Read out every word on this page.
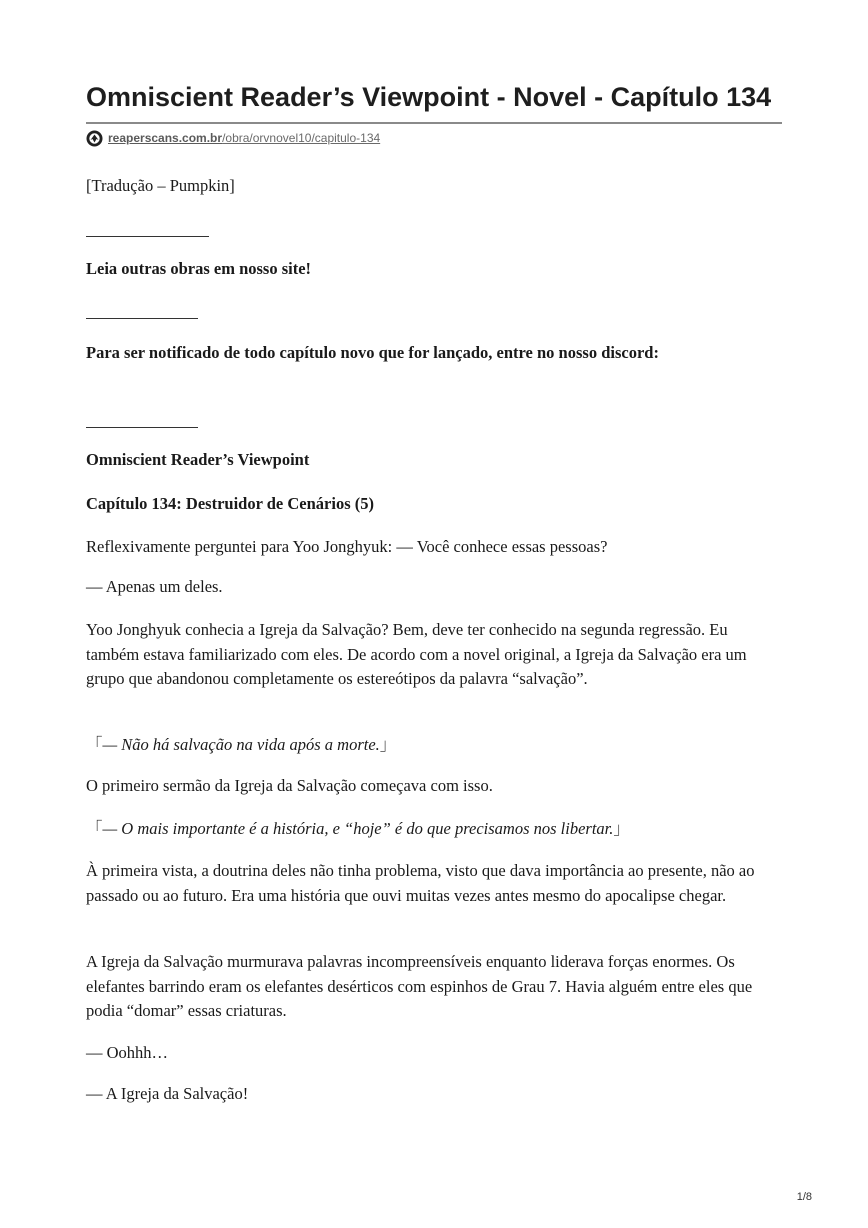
Omniscient Reader’s Viewpoint - Novel - Capítulo 134
reaperscans.com.br/obra/orvnovel10/capitulo-134

[Tradução – Pumpkin]

Leia outras obras em nosso site!

Para ser notificado de todo capítulo novo que for lançado, entre no nosso discord:

Omniscient Reader’s Viewpoint

Capítulo 134: Destruidor de Cenários (5)

Reflexivamente perguntei para Yoo Jonghyuk: — Você conhece essas pessoas?

— Apenas um deles.

Yoo Jonghyuk conhecia a Igreja da Salvação? Bem, deve ter conhecido na segunda regressão. Eu também estava familiarizado com eles. De acordo com a novel original, a Igreja da Salvação era um grupo que abandonou completamente os estereótipos da palavra “salvação”.

「— Não há salvação na vida após a morte.」

O primeiro sermão da Igreja da Salvação começava com isso.

「— O mais importante é a história, e “hoje” é do que precisamos nos libertar.」

À primeira vista, a doutrina deles não tinha problema, visto que dava importância ao presente, não ao passado ou ao futuro. Era uma história que ouvi muitas vezes antes mesmo do apocalipse chegar.

A Igreja da Salvação murmurava palavras incompreensíveis enquanto liderava forças enormes. Os elefantes barrindo eram os elefantes desérticos com espinhos de Grau 7. Havia alguém entre eles que podia “domar” essas criaturas.

— Oohhh…

— A Igreja da Salvação!

1/8
